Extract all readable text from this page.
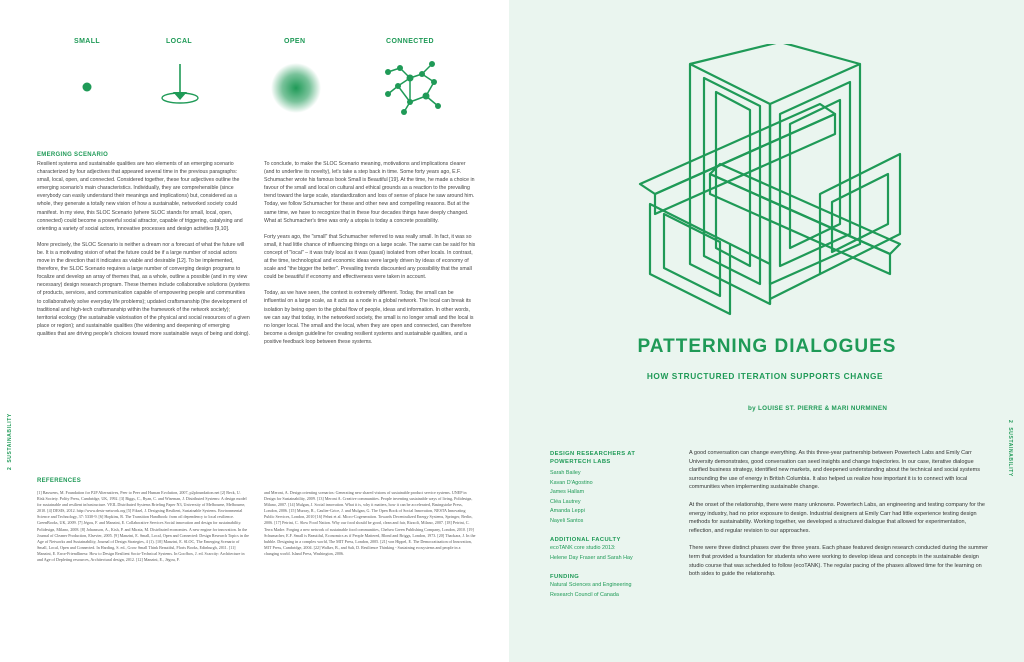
SMALL	LOCAL	OPEN	CONNECTED
EMERGING SCENARIO

Resilient systems and sustainable qualities are two elements of an emerging scenario characterized by four adjectives that appeared several time in the previous paragraphs: small, local, open, and connected. Considered together, these four adjectives outline the emerging scenario's main characteristics. Individually, they are comprehensible (since everybody can easily understand their meanings and implications) but, considered as a whole, they generate a totally new vision of how a sustainable, networked society could manifest. In my view, this SLOC Scenario (where SLOC stands for small, local, open, connected) could become a powerful social attractor, capable of triggering, catalysing and orienting a variety of social actors, innovative processes and design activities [9,10].

More precisely, the SLOC Scenario is neither a dream nor a forecast of what the future will be. It is a motivating vision of what the future could be if a large number of social actors move in the direction that it indicates as viable and desirable [12]. To be implemented, therefore, the SLOC Scenario requires a large number of converging design programs to focalize and develop an array of themes that, as a whole, outline a possible (and in my view necessary) design research program. These themes include collaborative solutions (systems of products, services, and communication capable of empowering people and communities to collaboratively solve everyday life problems); updated craftsmanship (the development of traditional and high-tech craftsmanship within the framework of the network society); territorial ecology (the sustainable valorisation of the physical and social resources of a given place or region); and sustainable qualities (the widening and deepening of emerging qualities that are driving people's choices toward more sustainable ways of being and doing).

To conclude, to make the SLOC Scenario meaning, motivations and implications clearer (and to underline its novelty), let's take a step back in time. Some forty years ago, E.F. Schumacher wrote his famous book Small is Beautiful [19]. At the time, he made a choice in favour of the small and local on cultural and ethical grounds as a reaction to the prevailing trend toward the large scale, standardization and loss of sense of place he saw around him. Today, we follow Schumacher for these and other new and compelling reasons. But at the same time, we have to recognize that in these four decades things have deeply changed. What at Schumacher's time was only a utopia is today a concrete possibility.

Forty years ago, the "small" that Schumacher referred to was really small. In fact, it was so small, it had little chance of influencing things on a large scale. The same can be said for his concept of "local" – it was truly local as it was (quasi) isolated from other locals. In contrast, at the time, technological and economic ideas were largely driven by ideas of economy of scale and "the bigger the better". Prevailing trends discounted any possibility that the small could be beautiful if economy and effectiveness were taken in account.

Today, as we have seen, the context is extremely different. Today, the small can be influential on a large scale, as it acts as a node in a global network. The local can break its isolation by being open to the global flow of people, ideas and information. In other words, we can say that today, in the networked society, the small is no longer small and the local is no longer local. The small and the local, when they are open and connected, can therefore become a design guideline for creating resilient systems and sustainable qualities, and a positive feedback loop between these systems.

REFERENCES
[1] Bauwens, M. Foundation for P2P Alternatives, Peer to Peer and Human Evolution, 2007, p2pfoundation.net [2] Beck, U. Risk Society. Polity Press, Cambridge, UK, 1992. [3] Biggs, C., Ryan, C. and Wiseman, J. Distributed Systems: A design model for sustainable and resilient infrastructure. VEIL Distributed Systems Briefing Paper N3, University of Melbourne, Melbourne, 2010. [4] DESIS, 2012. http://www.desis-network.org [5] Fiksel, J. Designing Resilient, Sustainable Systems. Environmental Science and Technology, 37: 5330-9. [6] Hopkins, R. The Transition Handbook: from oil dependency to local resilience. GreenBooks, UK, 2009. [7] Jégou, F. and Manzini, E. Collaborative Services Social innovation and design for sustainability. Polidesign, Milano, 2008. [8] Johansson, A., Kish, P. and Mirata, M. Distributed economies. A new engine for innovation. In the Journal of Cleaner Production, Elsevier, 2005. [9] Manzini, E. Small, Local, Open and Connected: Design Research Topics in the Age of Networks and Sustainability, Journal of Design Strategies, 4 (1). [10] Manzini, E. SLOC, The Emerging Scenario of Small, Local, Open and Connected. In Harding, S. ed., Grow Small Think Beautiful, Floris Books, Edinburgh, 2011. [11] Manzini, E. Error-Friendliness: How to Design Resilient Socio-Technical Systems. In Goofbox, J. ed. Scarcity: Architecture in and Age of Depleting resources, Architectural design, 2012. [12] Manzini, E., Jégou, F.
and Meroni, A. Design orienting scenarios: Generating new shared visions of sustainable product service systems. UNEP in Design for Sustainability, 2009. [13] Meroni A. Creative communities. People inventing sustainable ways of living, Polidesign, Milano, 2007. [14] Mulgan, J. Social innovation. What it is, why it matters, how it can be accelerated, Basingstoke Press, London, 2006. [15] Murray, R., Caulier-Grice, J. and Mulgan, G. The Open Book of Social Innovation, NESTA Innovating Public Services, London, 2010 [16] Pehnt et al. Micro-Cogeneration. Towards Decentralized Energy Systems, Springer, Berlin, 2006. [17] Petrini, C. Slow Food Nation. Why our food should be good, clean and fair, Rizzoli, Milano, 2007. [18] Petrini, C. Terra Madre. Forging a new network of sustainable food communities, Chelsea Green Publishing Company, London, 2010. [19] Schumacher, E.F. Small is Beautiful, Economics as if People Mattered, Blond and Briggs, London, 1973. [20] Thackara, J. In the bubble. Designing in a complex world, The MIT Press, London, 2005. [21] von Hippel, E. The Democratization of Innovation, MIT Press, Cambridge, 2004. [22] Walker, B., and Salt, D. Resilience Thinking - Sustaining ecosystems and people in a changing world. Island Press, Washington, 2006.
2  SUSTAINABILITY
PATTERNING DIALOGUES
HOW STRUCTURED ITERATION SUPPORTS CHANGE
by LOUISE ST. PIERRE & MARI NURMINEN
DESIGN RESEARCHERS AT
POWERTECH LABS
Sarah Bailey
Kavan D'Agostino
James Hallam
Cléa Lautrey
Amanda Leppi
Nayeli Santos
ADDITIONAL FACULTY
ecoTANK core studio 2013:
Helene Day Fraser and Sarah Hay
FUNDING
Natural Sciences and Engineering
Research Council of Canada

A good conversation can change everything. As this three-year partnership between Powertech Labs and Emily Carr University demonstrates, good conversation can seed insights and change trajectories. In our case, iterative dialogue clarified business strategy, identified new markets, and deepened understanding about the technical and social systems surrounding the use of energy in British Columbia. It also helped us realize how important it is to connect with local communities when implementing sustainable change.

At the onset of the relationship, there were many unknowns. Powertech Labs, an engineering and testing company for the energy industry, had no prior exposure to design. Industrial designers at Emily Carr had little experience testing design methods for sustainability. Working together, we developed a structured dialogue that allowed for experimentation, reflection, and regular revision to our approaches.

There were three distinct phases over the three years. Each phase featured design research conducted during the summer term that provided a foundation for students who were working to develop ideas and concepts in the sustainable design studio course that was scheduled to follow (ecoTANK). The regular pacing of the phases allowed time for the learning on both sides to guide the relationship.

2  SUSTAINABILITY
